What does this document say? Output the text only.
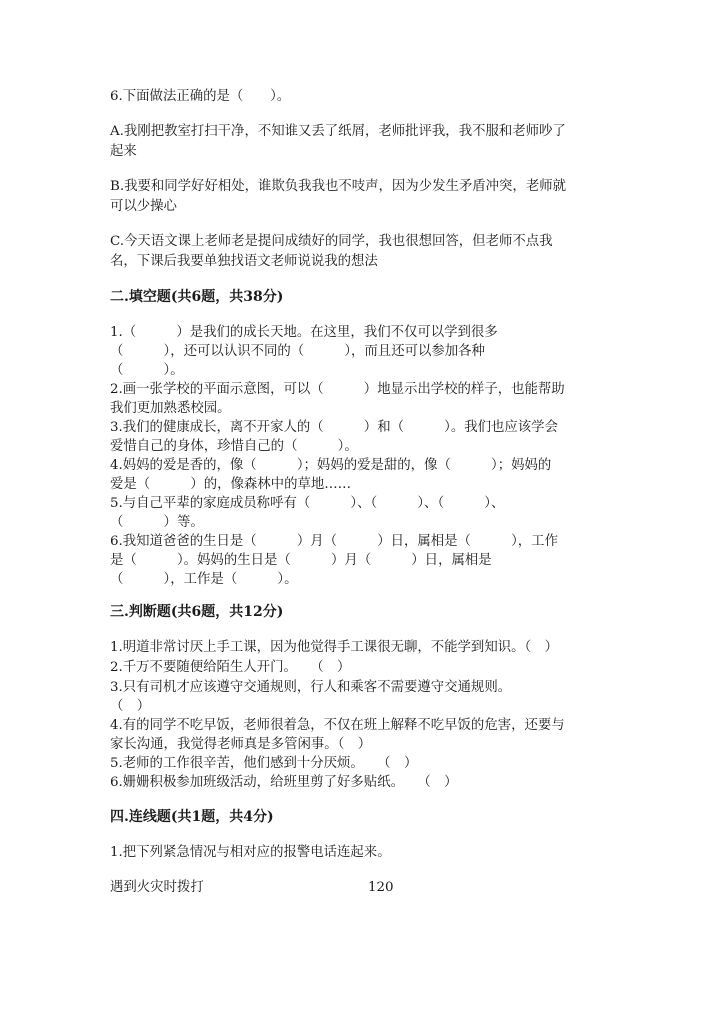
6.下面做法正确的是（　　）。
A.我刚把教室打扫干净，不知谁又丢了纸屑，老师批评我，我不服和老师吵了
起来
B.我要和同学好好相处，谁欺负我我也不吱声，因为少发生矛盾冲突，老师就
可以少操心
C.今天语文课上老师老是提问成绩好的同学，我也很想回答，但老师不点我
名，下课后我要单独找语文老师说说我的想法
二.填空题(共6题，共38分)
1.（　　　）是我们的成长天地。在这里，我们不仅可以学到很多
（　　　），还可以认识不同的（　　　），而且还可以参加各种
（　　　）。
2.画一张学校的平面示意图，可以（　　　）地显示出学校的样子，也能帮助
我们更加熟悉校园。
3.我们的健康成长，离不开家人的（　　　）和（　　　）。我们也应该学会
爱惜自己的身体，珍惜自己的（　　　）。
4.妈妈的爱是香的，像（　　　）；妈妈的爱是甜的，像（　　　）；妈妈的
爱是（　　　）的，像森林中的草地……
5.与自己平辈的家庭成员称呼有（　　　）、（　　　）、（　　　）、
（　　　）等。
6.我知道爸爸的生日是（　　　）月（　　　）日，属相是（　　　），工作
是（　　　）。妈妈的生日是（　　　）月（　　　）日，属相是
（　　　），工作是（　　　）。
三.判断题(共6题，共12分)
1.明道非常讨厌上手工课，因为他觉得手工课很无聊，不能学到知识。（　）
2.千万不要随便给陌生人开门。　　（　）
3.只有司机才应该遵守交通规则，行人和乘客不需要遵守交通规则。
（　）
4.有的同学不吃早饭，老师很着急，不仅在班上解释不吃早饭的危害，还要与
家长沟通，我觉得老师真是多管闲事。（　）
5.老师的工作很辛苦，他们感到十分厌烦。　　（　）
6.姗姗积极参加班级活动，给班里剪了好多贴纸。　　（　）
四.连线题(共1题，共4分)
1.把下列紧急情况与相对应的报警电话连起来。
遇到火灾时拨打	120
